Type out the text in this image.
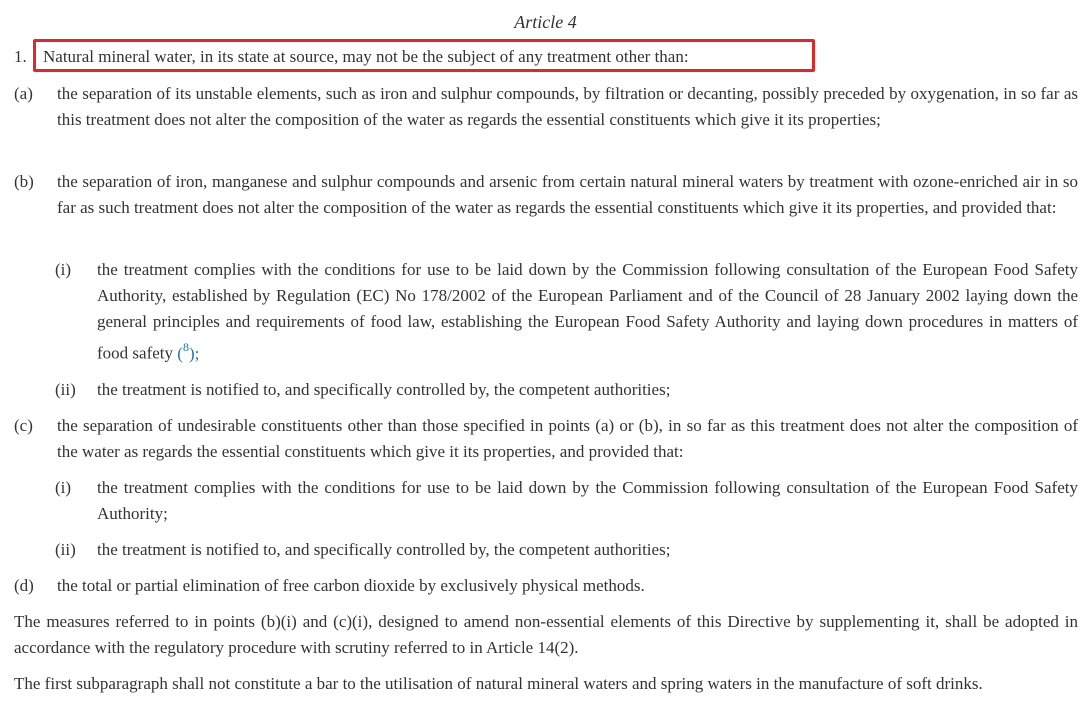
Article 4
1. Natural mineral water, in its state at source, may not be the subject of any treatment other than:
(a) the separation of its unstable elements, such as iron and sulphur compounds, by filtration or decanting, possibly preceded by oxygenation, in so far as this treatment does not alter the composition of the water as regards the essential constituents which give it its properties;
(b) the separation of iron, manganese and sulphur compounds and arsenic from certain natural mineral waters by treatment with ozone-enriched air in so far as such treatment does not alter the composition of the water as regards the essential constituents which give it its properties, and provided that:
(i) the treatment complies with the conditions for use to be laid down by the Commission following consultation of the European Food Safety Authority, established by Regulation (EC) No 178/2002 of the European Parliament and of the Council of 28 January 2002 laying down the general principles and requirements of food law, establishing the European Food Safety Authority and laying down procedures in matters of food safety ($^8$);
(ii) the treatment is notified to, and specifically controlled by, the competent authorities;
(c) the separation of undesirable constituents other than those specified in points (a) or (b), in so far as this treatment does not alter the composition of the water as regards the essential constituents which give it its properties, and provided that:
(i) the treatment complies with the conditions for use to be laid down by the Commission following consultation of the European Food Safety Authority;
(ii) the treatment is notified to, and specifically controlled by, the competent authorities;
(d) the total or partial elimination of free carbon dioxide by exclusively physical methods.
The measures referred to in points (b)(i) and (c)(i), designed to amend non-essential elements of this Directive by supplementing it, shall be adopted in accordance with the regulatory procedure with scrutiny referred to in Article 14(2).
The first subparagraph shall not constitute a bar to the utilisation of natural mineral waters and spring waters in the manufacture of soft drinks.
